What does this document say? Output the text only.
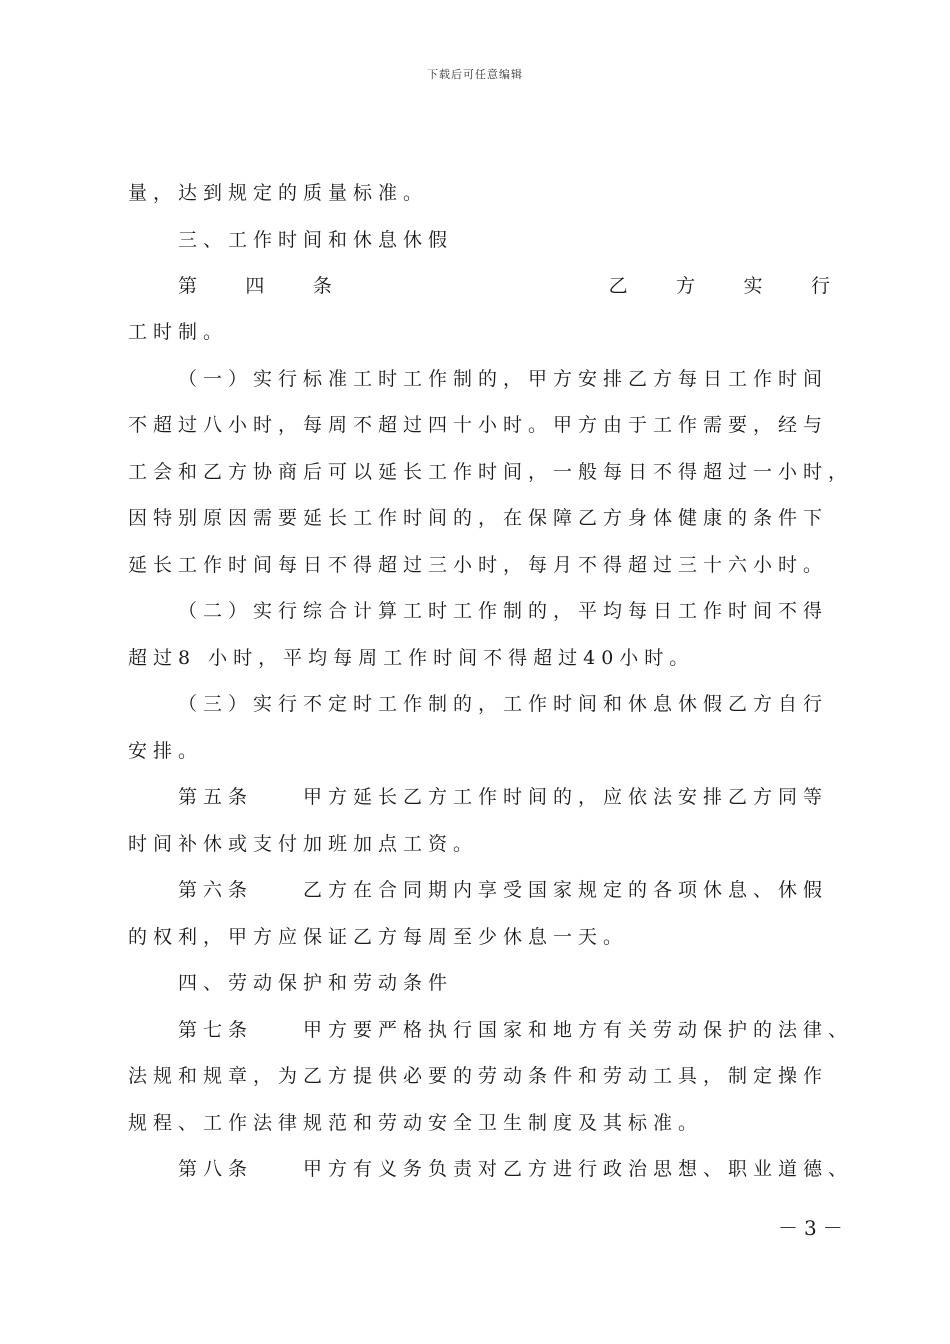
下载后可任意编辑
量，达到规定的质量标准。
三、工作时间和休息休假
第	四	条	乙	方	实	行
工时制。
（一）实行标准工时工作制的，甲方安排乙方每日工作时间
不超过八小时，每周不超过四十小时。甲方由于工作需要，经与
工会和乙方协商后可以延长工作时间，一般每日不得超过一小时，
因特别原因需要延长工作时间的，在保障乙方身体健康的条件下
延长工作时间每日不得超过三小时，每月不得超过三十六小时。
（二）实行综合计算工时工作制的，平均每日工作时间不得
超过8 小时，平均每周工作时间不得超过40小时。
（三）实行不定时工作制的，工作时间和休息休假乙方自行
安排。
第五条　　甲方延长乙方工作时间的，应依法安排乙方同等
时间补休或支付加班加点工资。
第六条　　乙方在合同期内享受国家规定的各项休息、休假
的权利，甲方应保证乙方每周至少休息一天。
四、劳动保护和劳动条件
第七条　　甲方要严格执行国家和地方有关劳动保护的法律、
法规和规章，为乙方提供必要的劳动条件和劳动工具，制定操作
规程、工作法律规范和劳动安全卫生制度及其标准。
第八条　　甲方有义务负责对乙方进行政治思想、职业道德、
－3－
